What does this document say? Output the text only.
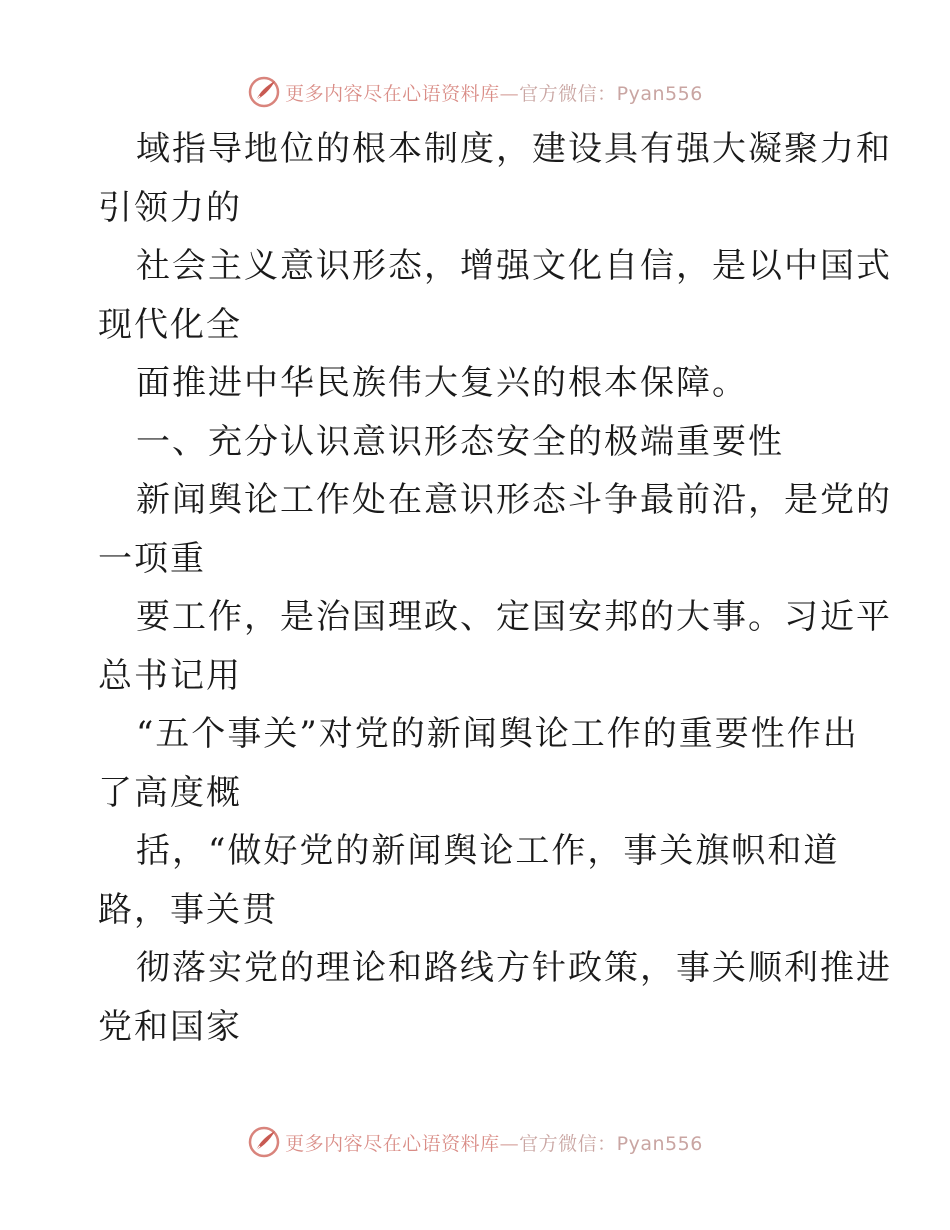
更多内容尽在心语资料库—官方微信：Pyan556
域指导地位的根本制度，建设具有强大凝聚力和
引领力的
社会主义意识形态，增强文化自信，是以中国式
现代化全
面推进中华民族伟大复兴的根本保障。
一、充分认识意识形态安全的极端重要性
新闻舆论工作处在意识形态斗争最前沿，是党的
一项重
要工作，是治国理政、定国安邦的大事。习近平
总书记用
“五个事关”对党的新闻舆论工作的重要性作出
了高度概
括，“做好党的新闻舆论工作，事关旗帜和道
路，事关贯
彻落实党的理论和路线方针政策，事关顺利推进
党和国家
更多内容尽在心语资料库—官方微信：Pyan556
